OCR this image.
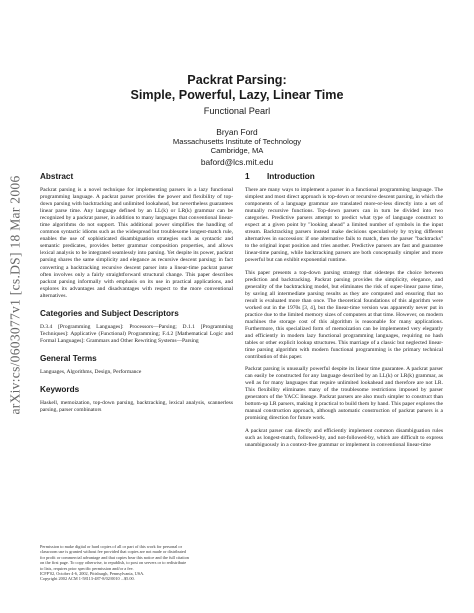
arXiv:cs/0603077v1 [cs.DS] 18 Mar 2006
Packrat Parsing:
Simple, Powerful, Lazy, Linear Time
Functional Pearl
Bryan Ford
Massachusetts Institute of Technology
Cambridge, MA
baford@lcs.mit.edu
Abstract

Packrat parsing is a novel technique for implementing parsers in a lazy functional programming language. A packrat parser provides the power and flexibility of top-down parsing with backtracking and unlimited lookahead, but nevertheless guarantees linear parse time. Any language defined by an LL(k) or LR(k) grammar can be recognized by a packrat parser, in addition to many languages that conventional linear-time algorithms do not support. This additional power simplifies the handling of common syntactic idioms such as the widespread but troublesome longest-match rule, enables the use of sophisticated disambiguation strategies such as syntactic and semantic predicates, provides better grammar composition properties, and allows lexical analysis to be integrated seamlessly into parsing. Yet despite its power, packrat parsing shares the same simplicity and elegance as recursive descent parsing; in fact converting a backtracking recursive descent parser into a linear-time packrat parser often involves only a fairly straightforward structural change. This paper describes packrat parsing informally with emphasis on its use in practical applications, and explores its advantages and disadvantages with respect to the more conventional alternatives.

Categories and Subject Descriptors

D.3.4 [Programming Languages]: Processors—Parsing; D.1.1 [Programming Techniques]: Applicative (Functional) Programming; F.4.2 [Mathematical Logic and Formal Languages]: Grammars and Other Rewriting Systems—Parsing

General Terms

Languages, Algorithms, Design, Performance

Keywords

Haskell, memoization, top-down parsing, backtracking, lexical analysis, scannerless parsing, parser combinators

Permission to make digital or hard copies of all or part of this work for personal or
classroom use is granted without fee provided that copies are not made or distributed
for profit or commercial advantage and that copies bear this notice and the full citation
on the first page. To copy otherwise, to republish, to post on servers or to redistribute
to lists, requires prior specific permission and/or a fee.
ICFP'02, October 4-6, 2002, Pittsburgh, Pennsylvania, USA.
Copyright 2002 ACM 1-58113-487-8/02/0010 ...$5.00.
1	Introduction

There are many ways to implement a parser in a functional programming language. The simplest and most direct approach is top-down or recursive descent parsing, in which the components of a language grammar are translated more-or-less directly into a set of mutually recursive functions. Top-down parsers can in turn be divided into two categories. Predictive parsers attempt to predict what type of language construct to expect at a given point by "looking ahead" a limited number of symbols in the input stream. Backtracking parsers instead make decisions speculatively by trying different alternatives in succession: if one alternative fails to match, then the parser "backtracks" to the original input position and tries another. Predictive parsers are fast and guarantee linear-time parsing, while backtracking parsers are both conceptually simpler and more powerful but can exhibit exponential runtime.

This paper presents a top-down parsing strategy that sidesteps the choice between prediction and backtracking. Packrat parsing provides the simplicity, elegance, and generality of the backtracking model, but eliminates the risk of super-linear parse time, by saving all intermediate parsing results as they are computed and ensuring that no result is evaluated more than once. The theoretical foundations of this algorithm were worked out in the 1970s [3, 4], but the linear-time version was apparently never put in practice due to the limited memory sizes of computers at that time. However, on modern machines the storage cost of this algorithm is reasonable for many applications. Furthermore, this specialized form of memoization can be implemented very elegantly and efficiently in modern lazy functional programming languages, requiring no hash tables or other explicit lookup structures. This marriage of a classic but neglected linear-time parsing algorithm with modern functional programming is the primary technical contribution of this paper.

Packrat parsing is unusually powerful despite its linear time guarantee. A packrat parser can easily be constructed for any language described by an LL(k) or LR(k) grammar, as well as for many languages that require unlimited lookahead and therefore are not LR. This flexibility eliminates many of the troublesome restrictions imposed by parser generators of the YACC lineage. Packrat parsers are also much simpler to construct than bottom-up LR parsers, making it practical to build them by hand. This paper explores the manual construction approach, although automatic construction of packrat parsers is a promising direction for future work.

A packrat parser can directly and efficiently implement common disambiguation rules such as longest-match, followed-by, and not-followed-by, which are difficult to express unambiguously in a context-free grammar or implement in conventional linear-time
